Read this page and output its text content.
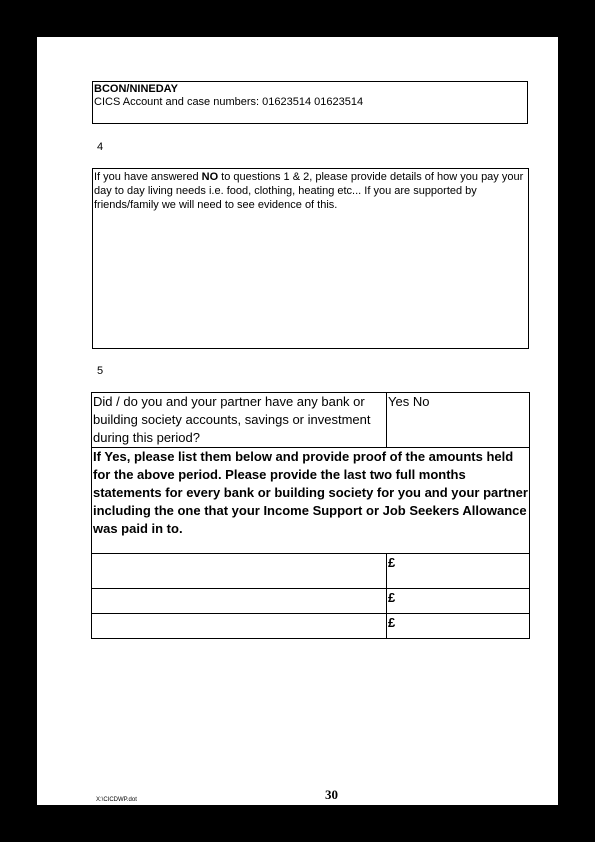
BCON/NINEDAY
CICS Account and case numbers: 01623514 01623514
4
If you have answered NO to questions 1 & 2, please provide details of how you pay your day to day living needs i.e. food, clothing, heating etc... If you are supported by friends/family we will need to see evidence of this.
5
Did / do you and your partner have any bank or building society accounts, savings or investment during this period?	Yes No
If Yes, please list them below and provide proof of the amounts held for the above period. Please provide the last two full months statements for every bank or building society for you and your partner including the one that your Income Support or Job Seekers Allowance was paid in to.	
	£
	£
	£
30
X:\CICDWP.dot
